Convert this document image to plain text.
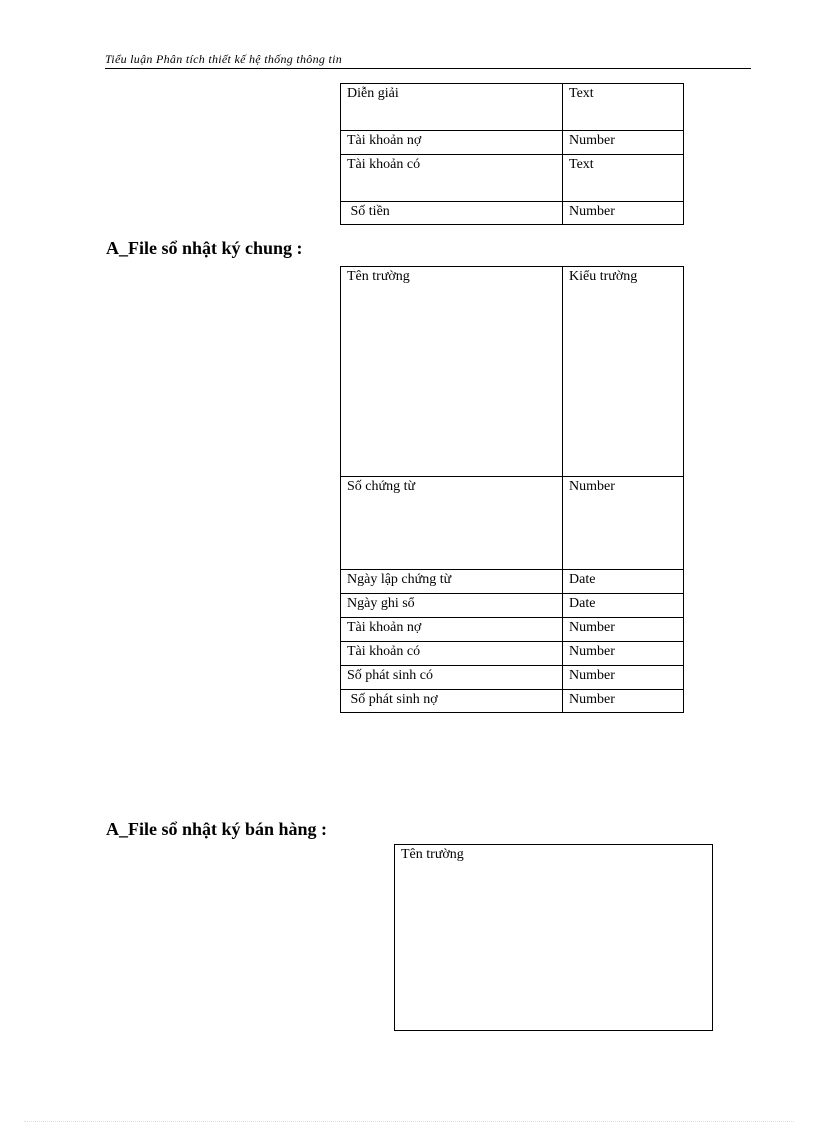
Tiểu luận Phân tích thiết kế hệ thống thông tin
Diễn giải	Text
Tài khoản nợ	Number
Tài khoản có	Text
Số tiền	Number
A_File sổ nhật ký chung :
Tên trường	Kiểu trường
Số chứng từ	Number
Ngày lập chứng từ	Date
Ngày ghi sổ	Date
Tài khoản nợ	Number
Tài khoản có	Number
Số phát sinh có	Number
Số phát sinh nợ	Number
A_File sổ nhật ký bán hàng :
Tên trường
